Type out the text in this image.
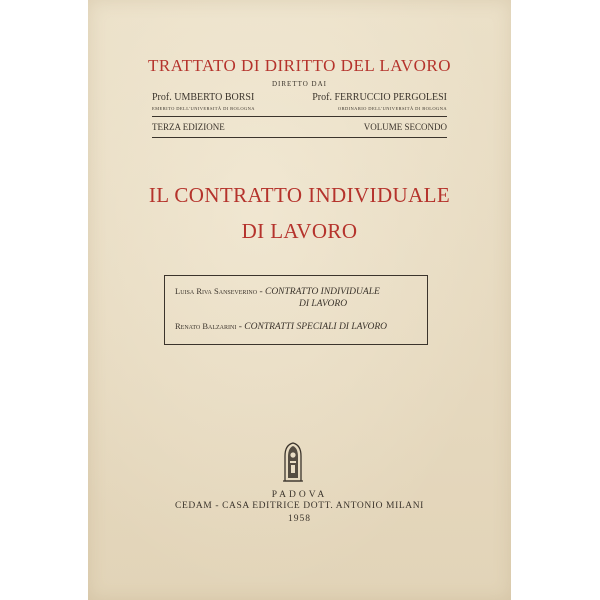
TRATTATO DI DIRITTO DEL LAVORO
DIRETTO DAI
Prof. UMBERTO BORSI	Prof. FERRUCCIO PERGOLESI
EMERITO DELL'UNIVERSITÀ DI BOLOGNA	ORDINARIO DELL'UNIVERSITÀ DI BOLOGNA
TERZA EDIZIONE	VOLUME SECONDO
IL CONTRATTO INDIVIDUALE
DI LAVORO
Luisa Riva Sanseverino - CONTRATTO INDIVIDUALE
DI LAVORO
Renato Balzarini - CONTRATTI SPECIALI DI LAVORO
PADOVA
CEDAM - CASA EDITRICE DOTT. ANTONIO MILANI
1958
